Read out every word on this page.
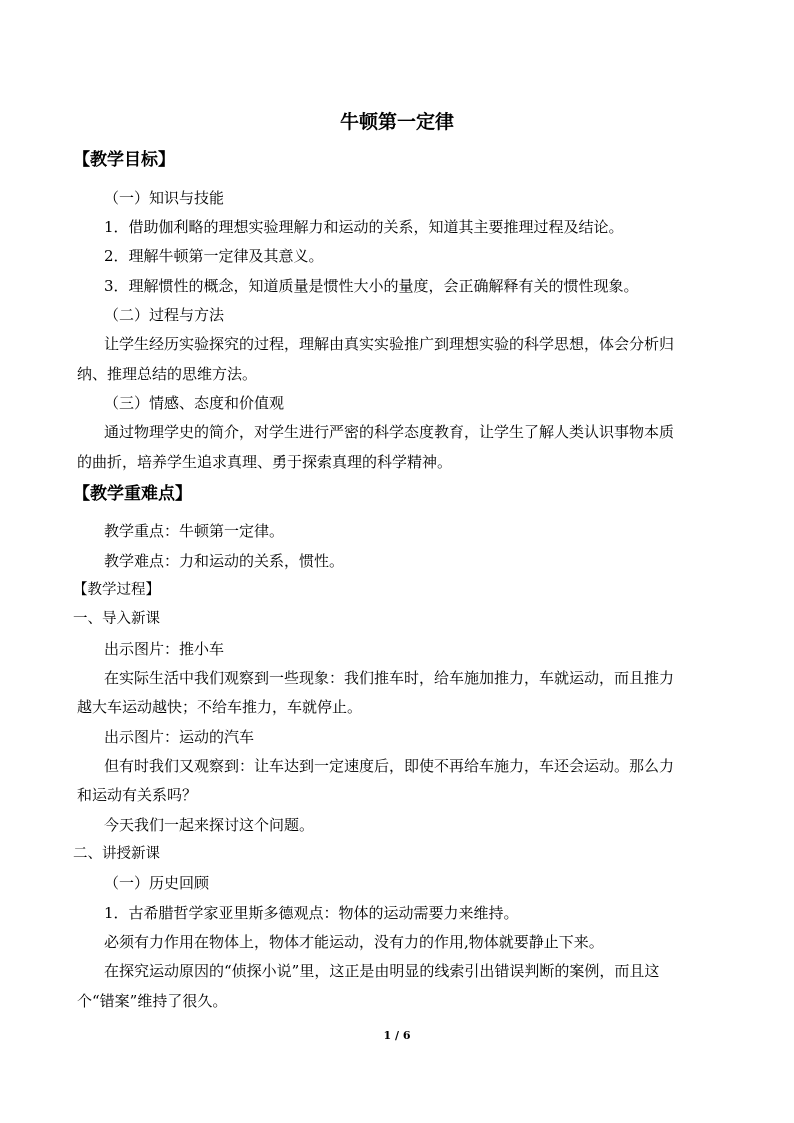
牛顿第一定律
【教学目标】
（一）知识与技能
1．借助伽利略的理想实验理解力和运动的关系，知道其主要推理过程及结论。
2．理解牛顿第一定律及其意义。
3．理解惯性的概念，知道质量是惯性大小的量度，会正确解释有关的惯性现象。
（二）过程与方法
让学生经历实验探究的过程，理解由真实实验推广到理想实验的科学思想，体会分析归
纳、推理总结的思维方法。
（三）情感、态度和价值观
通过物理学史的简介，对学生进行严密的科学态度教育，让学生了解人类认识事物本质
的曲折，培养学生追求真理、勇于探索真理的科学精神。
【教学重难点】
教学重点：牛顿第一定律。
教学难点：力和运动的关系，惯性。
【教学过程】
一、导入新课
出示图片：推小车
在实际生活中我们观察到一些现象：我们推车时，给车施加推力，车就运动，而且推力
越大车运动越快；不给车推力，车就停止。
出示图片：运动的汽车
但有时我们又观察到：让车达到一定速度后，即使不再给车施力，车还会运动。那么力
和运动有关系吗？
今天我们一起来探讨这个问题。
二、讲授新课
（一）历史回顾
1．古希腊哲学家亚里斯多德观点：物体的运动需要力来维持。
必须有力作用在物体上，物体才能运动，没有力的作用,物体就要静止下来。
在探究运动原因的“侦探小说”里，这正是由明显的线索引出错误判断的案例，而且这
个“错案”维持了很久。
1 / 6
